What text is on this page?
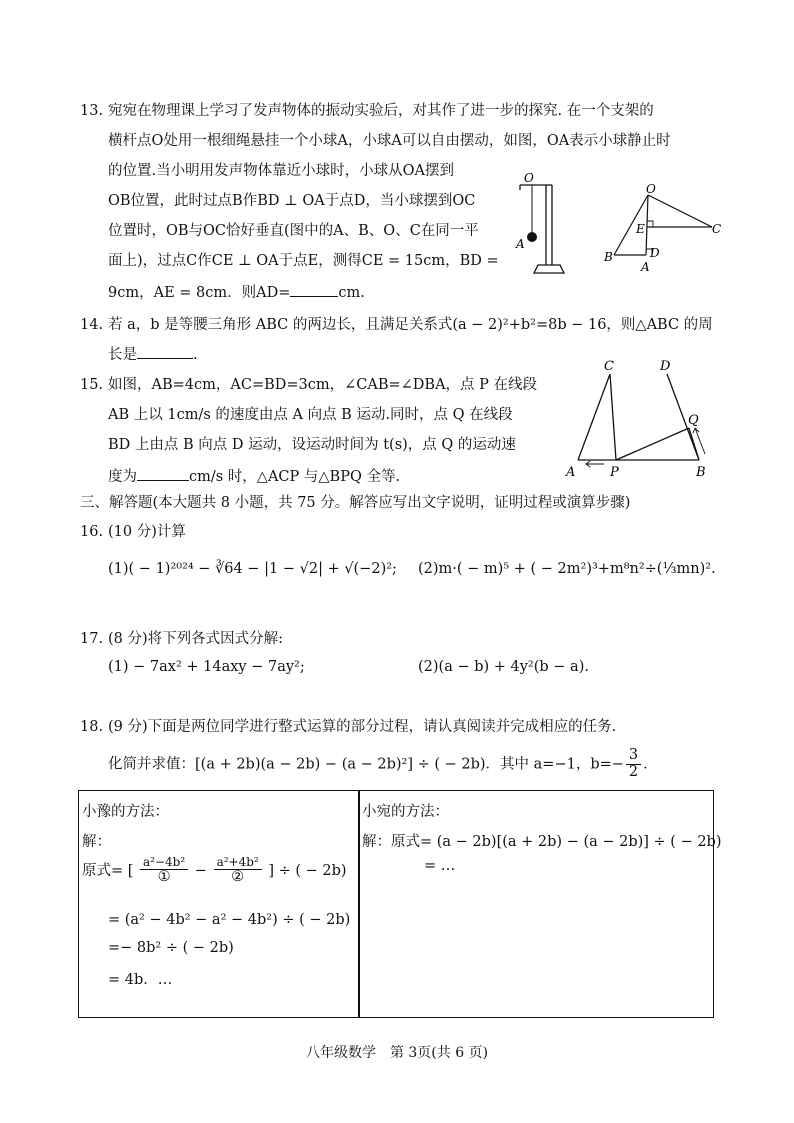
13. 宛宛在物理课上学习了发声物体的振动实验后，对其作了进一步的探究. 在一个支架的
横杆点O处用一根细绳悬挂一个小球A，小球A可以自由摆动，如图，OA表示小球静止时
的位置.当小明用发声物体靠近小球时，小球从OA摆到
OB位置，此时过点B作BD ⊥ OA于点D，当小球摆到OC
位置时，OB与OC恰好垂直(图中的A、B、O、C在同一平
面上)，过点C作CE ⊥ OA于点E，测得CE = 15cm，BD =
9cm，AE = 8cm．则AD=	cm.
O
A
O
E	C
D
B
A
14. 若 a，b 是等腰三角形 ABC 的两边长，且满足关系式(a − 2)²+b²=8b − 16，则△ABC 的周
长是	.
15. 如图，AB=4cm，AC=BD=3cm，∠CAB=∠DBA，点 P 在线段
AB 上以 1cm/s 的速度由点 A 向点 B 运动.同时，点 Q 在线段
BD 上由点 B 向点 D 运动，设运动时间为 t(s)，点 Q 的运动速
度为	cm/s 时，△ACP 与△BPQ 全等.
C	D
Q
A	P	B
三、解答题(本大题共 8 小题，共 75 分。解答应写出文字说明，证明过程或演算步骤)
16. (10 分)计算
(1)( − 1)²⁰²⁴ − ∛64 − |1 − √2| + √(−2)²; (2)m·( − m)⁵ + ( − 2m²)³+m⁸n²÷(⅓mn)².
17. (8 分)将下列各式因式分解:
(1) − 7ax² + 14axy − 7ay²;	(2)(a − b) + 4y²(b − a).
18. (9 分)下面是两位同学进行整式运算的部分过程，请认真阅读并完成相应的任务.
化简并求值：[(a + 2b)(a − 2b) − (a − 2b)²] ÷ ( − 2b)．其中 a=−1，$b=- \frac{3}{2}$ .
小豫的方法：
解：
原式= [ $\frac{\text{a²−4b²}}{\text{①}} - \frac{\text{a²+4b²}}{\text{②}}$ ] ÷ ( − 2b)
= (a² − 4b² − a² − 4b²) ÷ ( − 2b)
=− 8b² ÷ ( − 2b)
= 4b．…
小宛的方法：
解：原式= (a − 2b)[(a + 2b) − (a − 2b)] ÷ ( − 2b)
= …
八年级数学　第 3页(共 6 页)
